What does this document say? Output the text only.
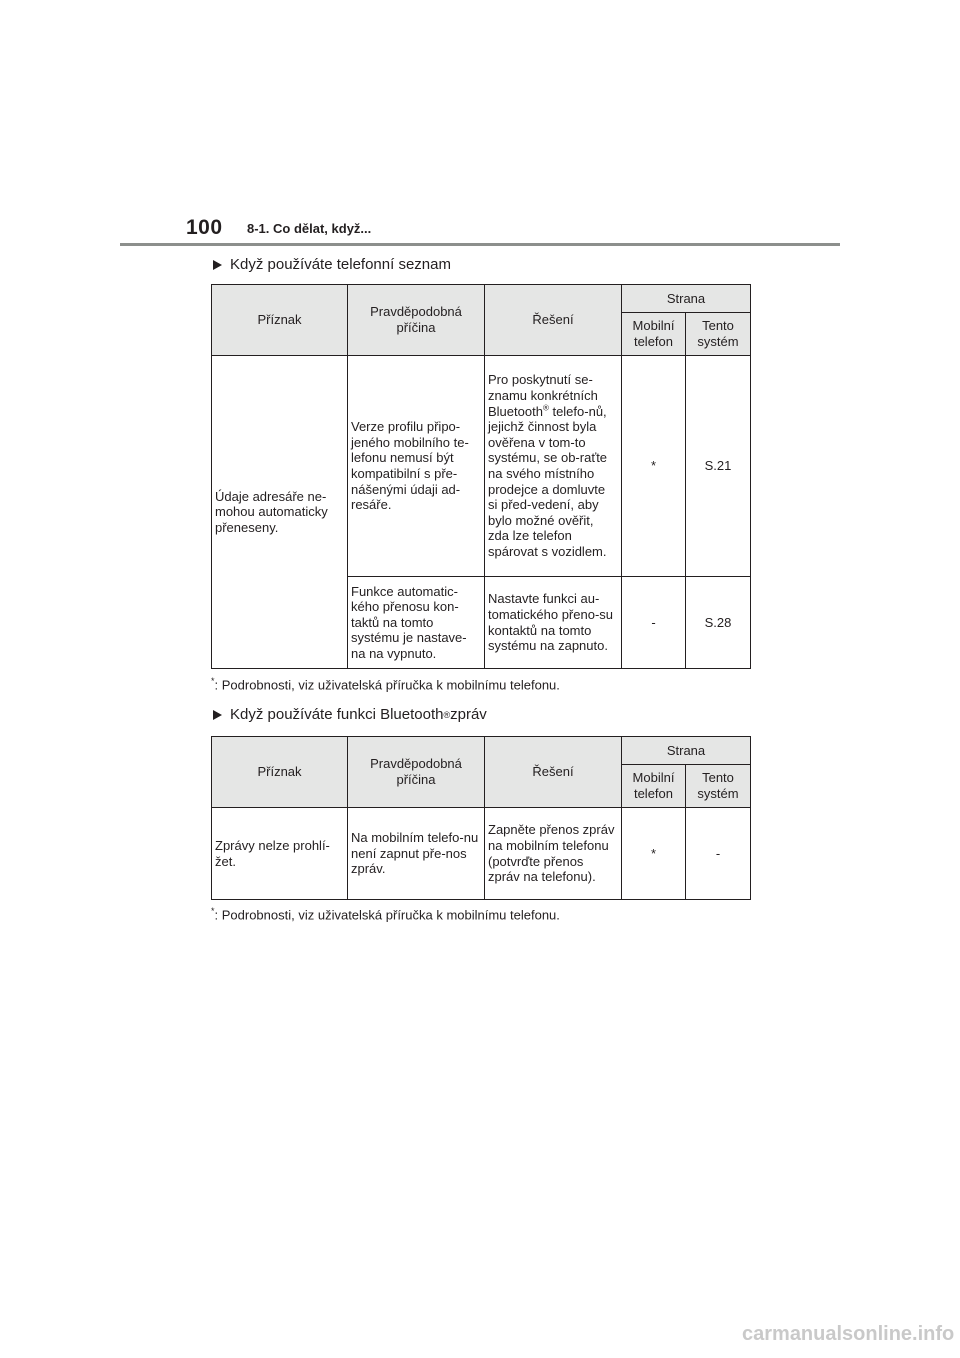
100 8-1. Co dělat, když...
Když používáte telefonní seznam
Příznak	Pravděpodobná příčina	Řešení	Strana	
			Mobilní telefon	Tento systém
Údaje adresáře ne-mohou automaticky přeneseny.	Verze profilu připo-jeného mobilního te-lefonu nemusí být kompatibilní s pře-nášenými údaji ad-resáře.	Pro poskytnutí se-znamu konkrétních Bluetooth® telefo-nů, jejichž činnost byla ověřena v tom-to systému, se ob-raťte na svého místního prodejce a domluvte si před-vedení, aby bylo možné ověřit, zda lze telefon spárovat s vozidlem.	*	S.21
	Funkce automatic-kého přenosu kon-taktů na tomto systému je nastave-na na vypnuto.	Nastavte funkci au-tomatického přeno-su kontaktů na tomto systému na zapnuto.	-	S.28
*: Podrobnosti, viz uživatelská příručka k mobilnímu telefonu.
Když používáte funkci Bluetooth ® zpráv
Příznak	Pravděpodobná příčina	Řešení	Strana	
			Mobilní telefon	Tento systém
Zprávy nelze prohlí-žet.	Na mobilním telefo-nu není zapnut pře-nos zpráv.	Zapněte přenos zpráv na mobilním telefonu (potvrďte přenos zpráv na telefonu).	*	-
*: Podrobnosti, viz uživatelská příručka k mobilnímu telefonu.
carmanualsonline.info
